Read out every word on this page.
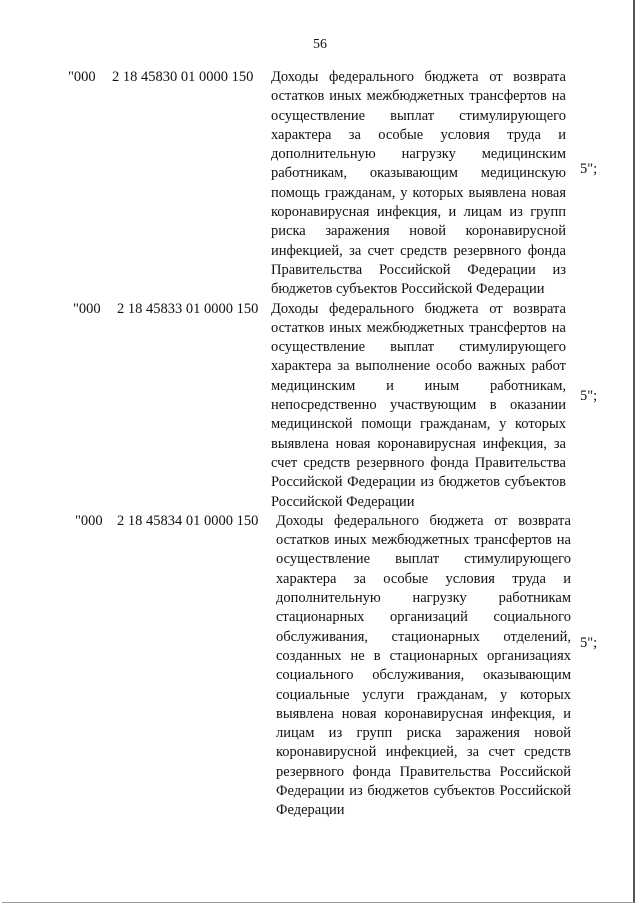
56
"000 2 18 45830 01 0000 150 Доходы федерального бюджета от возврата остатков иных межбюджетных трансфертов на осуществление выплат стимулирующего характера за особые условия труда и дополнительную нагрузку медицинским работникам, оказывающим медицинскую помощь гражданам, у которых выявлена новая коронавирусная инфекция, и лицам из групп риска заражения новой коронавирусной инфекцией, за счет средств резервного фонда Правительства Российской Федерации из бюджетов субъектов Российской Федерации
5";
"000 2 18 45833 01 0000 150 Доходы федерального бюджета от возврата остатков иных межбюджетных трансфертов на осуществление выплат стимулирующего характера за выполнение особо важных работ медицинским и иным работникам, непосредственно участвующим в оказании медицинской помощи гражданам, у которых выявлена новая коронавирусная инфекция, за счет средств резервного фонда Правительства Российской Федерации из бюджетов субъектов Российской Федерации
5";
"000 2 18 45834 01 0000 150 Доходы федерального бюджета от возврата остатков иных межбюджетных трансфертов на осуществление выплат стимулирующего характера за особые условия труда и дополнительную нагрузку работникам стационарных организаций социального обслуживания, стационарных отделений, созданных не в стационарных организациях социального обслуживания, оказывающим социальные услуги гражданам, у которых выявлена новая коронавирусная инфекция, и лицам из групп риска заражения новой коронавирусной инфекцией, за счет средств резервного фонда Правительства Российской Федерации из бюджетов субъектов Российской Федерации
5";
